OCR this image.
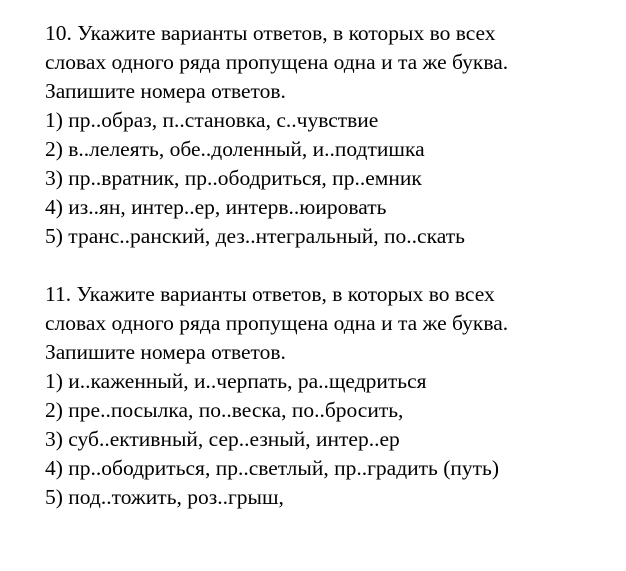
10. Укажите варианты ответов, в которых во всех

словах одного ряда пропущена одна и та же буква.

Запишите номера ответов.

1) пр..образ, п..становка, с..чувствие

2) в..лелеять, обе..доленный, и..подтишка

3) пр..вратник, пр..ободриться, пр..емник

4) из..ян, интер..ер, интерв..юировать

5) транс..ранский, дез..нтегральный, по..скать

11. Укажите варианты ответов, в которых во всех

словах одного ряда пропущена одна и та же буква.

Запишите номера ответов.

1) и..каженный, и..черпать, ра..щедриться

2) пре..посылка, по..веска, по..бросить,

3) суб..ективный, сер..езный, интер..ер

4) пр..ободриться, пр..светлый, пр..градить (путь)

5) под..тожить, роз..грыш,
